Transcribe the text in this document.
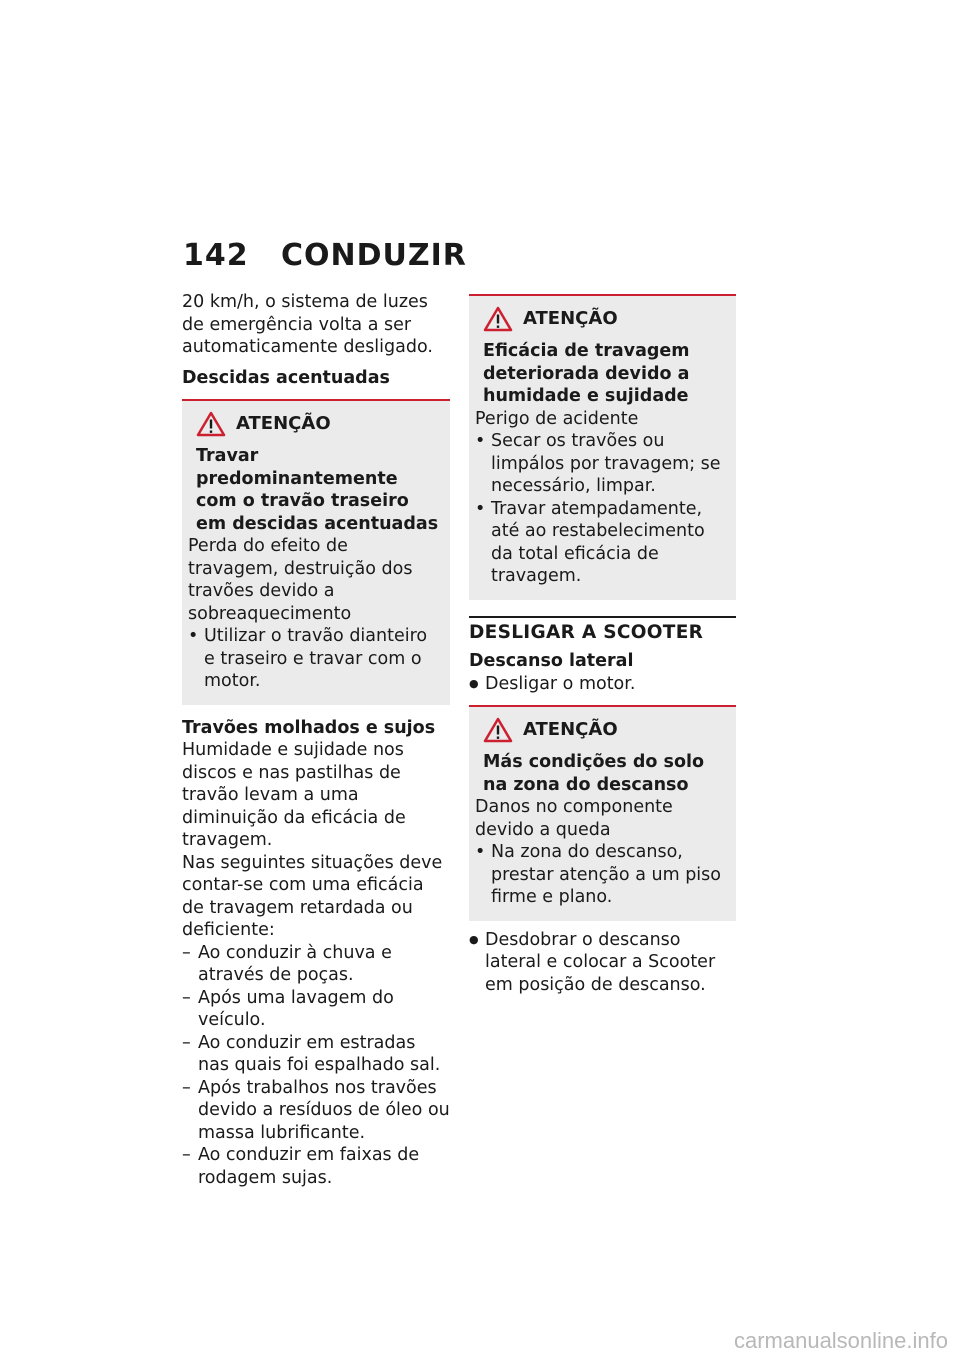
142 CONDUZIR

20 km/h, o sistema de luzes de emergência volta a ser automaticamente desligado.

Descidas acentuadas

ATENÇÃO

Travar predominantemente com o travão traseiro em descidas acentuadas

Perda do efeito de travagem, destruição dos travões devido a sobreaquecimento

• Utilizar o travão dianteiro e traseiro e travar com o motor.

Travões molhados e sujos

Humidade e sujidade nos discos e nas pastilhas de travão levam a uma diminuição da eficácia de travagem.

Nas seguintes situações deve contar-se com uma eficácia de travagem retardada ou deficiente:

– Ao conduzir à chuva e através de poças.
– Após uma lavagem do veículo.
– Ao conduzir em estradas nas quais foi espalhado sal.
– Após trabalhos nos travões devido a resíduos de óleo ou massa lubrificante.
– Ao conduzir em faixas de rodagem sujas.
ATENÇÃO

Eficácia de travagem deteriorada devido a humidade e sujidade

Perigo de acidente

• Secar os travões ou limpálos por travagem; se necessário, limpar.
• Travar atempadamente, até ao restabelecimento da total eficácia de travagem.

DESLIGAR A SCOOTER

Descanso lateral

● Desligar o motor.
ATENÇÃO

Más condições do solo na zona do descanso

Danos no componente devido a queda

• Na zona do descanso, prestar atenção a um piso firme e plano.
● Desdobrar o descanso lateral e colocar a Scooter em posição de descanso.
carmanualsonline.info
